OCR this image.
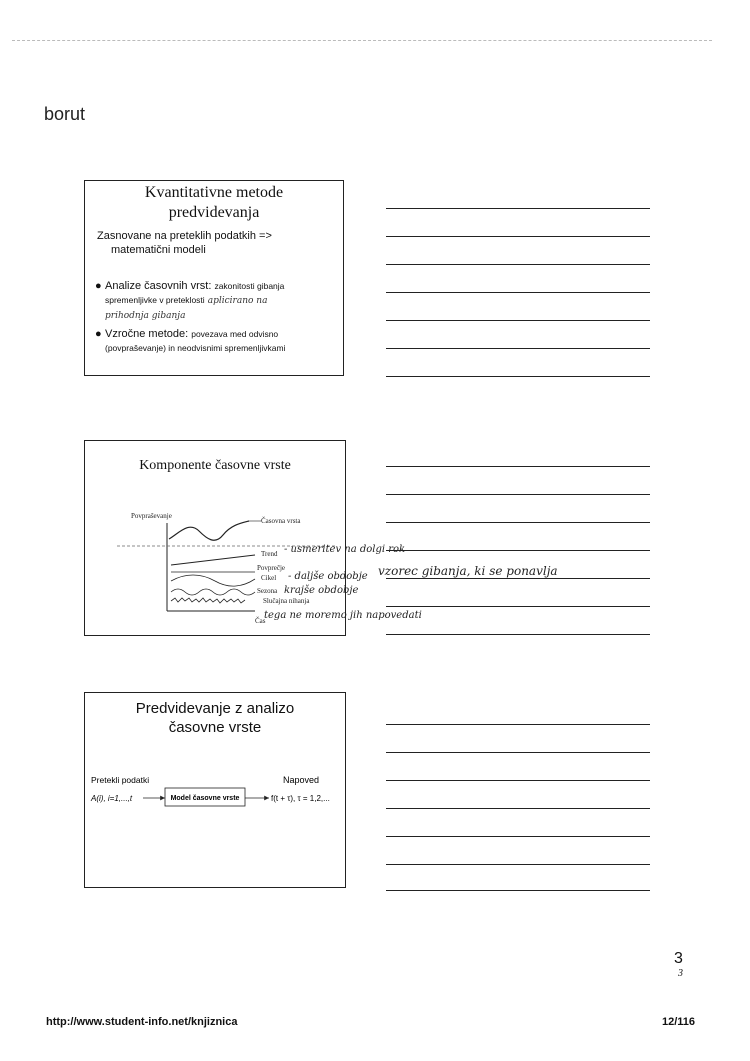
borut
Kvantitativne metode
predvidevanja
Zasnovane na preteklih podatkih =>
matematični modeli
● Analize časovnih vrst: zakonitosti gibanja
spremenljivke v preteklosti aplicirano na
prihodnja gibanja
● Vzročne metode: povezava med odvisno
(povpraševanje) in neodvisnimi spremenljivkami
Komponente časovne vrste
Povpraševanje
Časovna vrsta
Trend
Povprečje
Cikel
Sezona
Slučajna nihanja
Čas
- usmeritev na dolgi rok
- daljše obdobje
krajše obdobje
vzorec gibanja, ki se ponavlja
tega ne moremo jih napovedati
Predvidevanje z analizo
časovne vrste
Pretekli podatki	Napoved
A(i), i=1,...,t	Model časovne vrste	f(t + τ), τ = 1,2,...
3
3
http://www.student-info.net/knjiznica	12/116
